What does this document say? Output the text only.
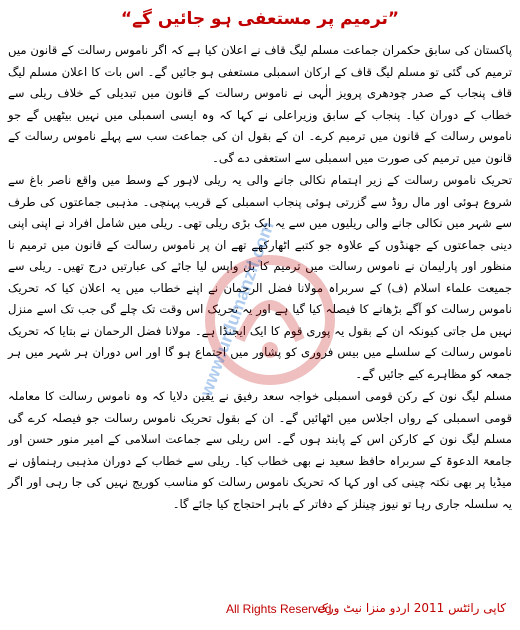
”ترمیم پر مستعفی ہو جائیں گے“

پاکستان کی سابق حکمران جماعت مسلم لیگ قاف نے اعلان کیا ہے کہ اگر ناموس رسالت کے قانون میں ترمیم کی گئی تو مسلم لیگ قاف کے ارکان اسمبلی مستعفی ہو جائیں گے۔ اس بات کا اعلان مسلم لیگ قاف پنجاب کے صدر چودھری پرویز الٰہی نے ناموس رسالت کے قانون میں تبدیلی کے خلاف ریلی سے خطاب کے دوران کیا۔ پنجاب کے سابق وزیراعلی نے کہا کہ وہ ایسی اسمبلی میں نہیں بیٹھیں گے جو ناموس رسالت کے قانون میں ترمیم کرے۔ ان کے بقول ان کی جماعت سب سے پہلے ناموس رسالت کے قانون میں ترمیم کی صورت میں اسمبلی سے استعفی دے گی۔

تحریک ناموس رسالت کے زیر اہتمام نکالی جانے والی یہ ریلی لاہور کے وسط میں واقع ناصر باغ سے شروع ہوئی اور مال روڈ سے گزرتی ہوئی پنجاب اسمبلی کے قریب پہنچی۔ مذہبی جماعتوں کی طرف سے شہر میں نکالی جانے والی ریلیوں میں سے یہ ایک بڑی ریلی تھی۔ ریلی میں شامل افراد نے اپنی اپنی دینی جماعتوں کے جھنڈوں کے علاوہ جو کتبے اٹھارکھے تھے ان پر ناموس رسالت کے قانون میں ترمیم نا منظور اور پارلیمان نے ناموس رسالت میں ترمیم کا بل واپس لیا جائے کی عبارتیں درج تھیں۔ ریلی سے جمیعت علماء اسلام (ف) کے سربراہ مولانا فضل الرحمان نے اپنے خطاب میں یہ اعلان کیا کہ تحریک ناموس رسالت کو آگے بڑھانے کا فیصلہ کیا گیا ہے اور یہ تحریک اس وقت تک چلے گی جب تک اسے منزل نہیں مل جاتی کیونکہ ان کے بقول یہ پوری قوم کا ایک ایجنڈا ہے۔ مولانا فضل الرحمان نے بتایا کہ تحریک ناموس رسالت کے سلسلے میں بیس فروری کو پشاور میں اجتماع ہو گا اور اس دوران ہر شہر میں ہر جمعہ کو مظاہرے کیے جائیں گے۔

مسلم لیگ نون کے رکن قومی اسمبلی خواجہ سعد رفیق نے یقین دلایا کہ وہ ناموس رسالت کا معاملہ قومی اسمبلی کے رواں اجلاس میں اٹھائیں گے۔ ان کے بقول تحریک ناموس رسالت جو فیصلہ کرے گی مسلم لیگ نون کے کارکن اس کے پابند ہوں گے۔ اس ریلی سے جماعت اسلامی کے امیر منور حسن اور جامعۃ الدعوۃ کے سربراہ حافظ سعید نے بھی خطاب کیا۔ ریلی سے خطاب کے دوران مذہبی رہنماؤں نے میڈیا پر بھی نکتہ چینی کی اور کہا کہ تحریک ناموس رسالت کو مناسب کوریج نہیں کی جا رہی اور اگر یہ سلسلہ جاری رہا تو نیوز چینلز کے دفاتر کے باہر احتجاج کیا جائے گا۔

www.urdumanzil.com
کاپی رائٹس 2011 اردو منزا نیٹ ورک
All Rights Reserved
